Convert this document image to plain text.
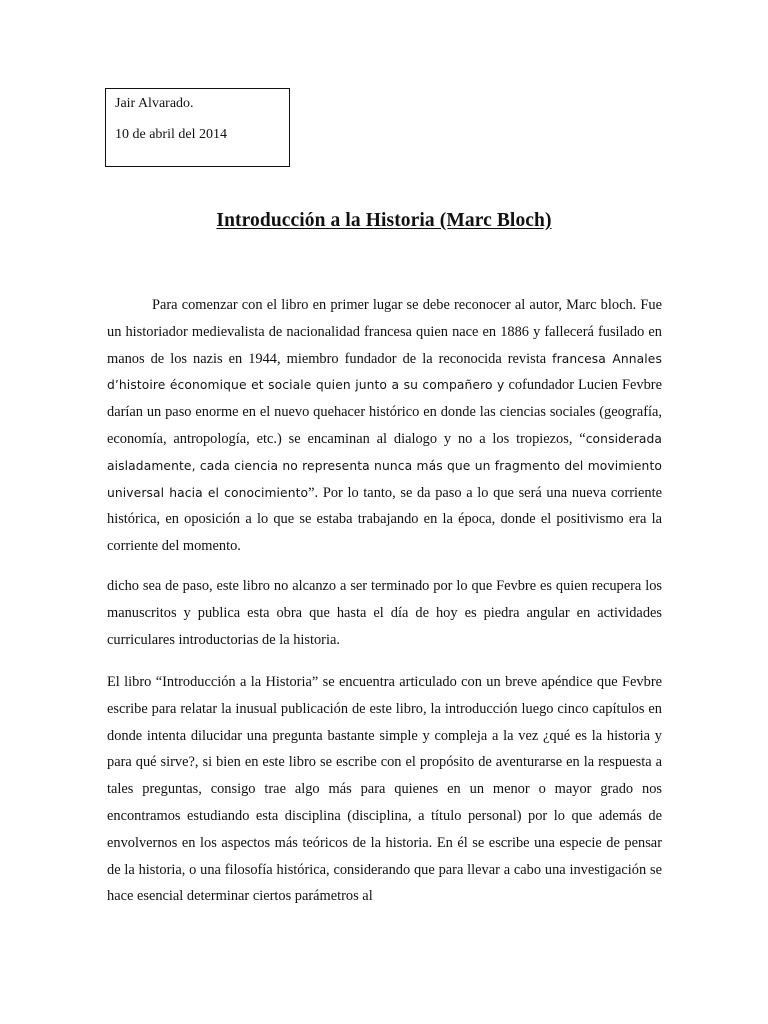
Jair Alvarado.
10 de abril del 2014
Introducción a la Historia (Marc Bloch)

Para comenzar con el libro en primer lugar se debe reconocer al autor, Marc bloch. Fue un historiador medievalista de nacionalidad francesa quien nace en 1886 y fallecerá fusilado en manos de los nazis en 1944, miembro fundador de la reconocida revista francesa Annales d’histoire économique et sociale quien junto a su compañero y cofundador Lucien Fevbre darían un paso enorme en el nuevo quehacer histórico en donde las ciencias sociales (geografía, economía, antropología, etc.) se encaminan al dialogo y no a los tropiezos, “considerada aisladamente, cada ciencia no representa nunca más que un fragmento del movimiento universal hacia el conocimiento”. Por lo tanto, se da paso a lo que será una nueva corriente histórica, en oposición a lo que se estaba trabajando en la época, donde el positivismo era la corriente del momento.

dicho sea de paso, este libro no alcanzo a ser terminado por lo que Fevbre es quien recupera los manuscritos y publica esta obra que hasta el día de hoy es piedra angular en actividades curriculares introductorias de la historia.

El libro “Introducción a la Historia” se encuentra articulado con un breve apéndice que Fevbre escribe para relatar la inusual publicación de este libro, la introducción luego cinco capítulos en donde intenta dilucidar una pregunta bastante simple y compleja a la vez ¿qué es la historia y para qué sirve?, si bien en este libro se escribe con el propósito de aventurarse en la respuesta a tales preguntas, consigo trae algo más para quienes en un menor o mayor grado nos encontramos estudiando esta disciplina (disciplina, a título personal) por lo que además de envolvernos en los aspectos más teóricos de la historia. En él se escribe una especie de pensar de la historia, o una filosofía histórica, considerando que para llevar a cabo una investigación se hace esencial determinar ciertos parámetros al
